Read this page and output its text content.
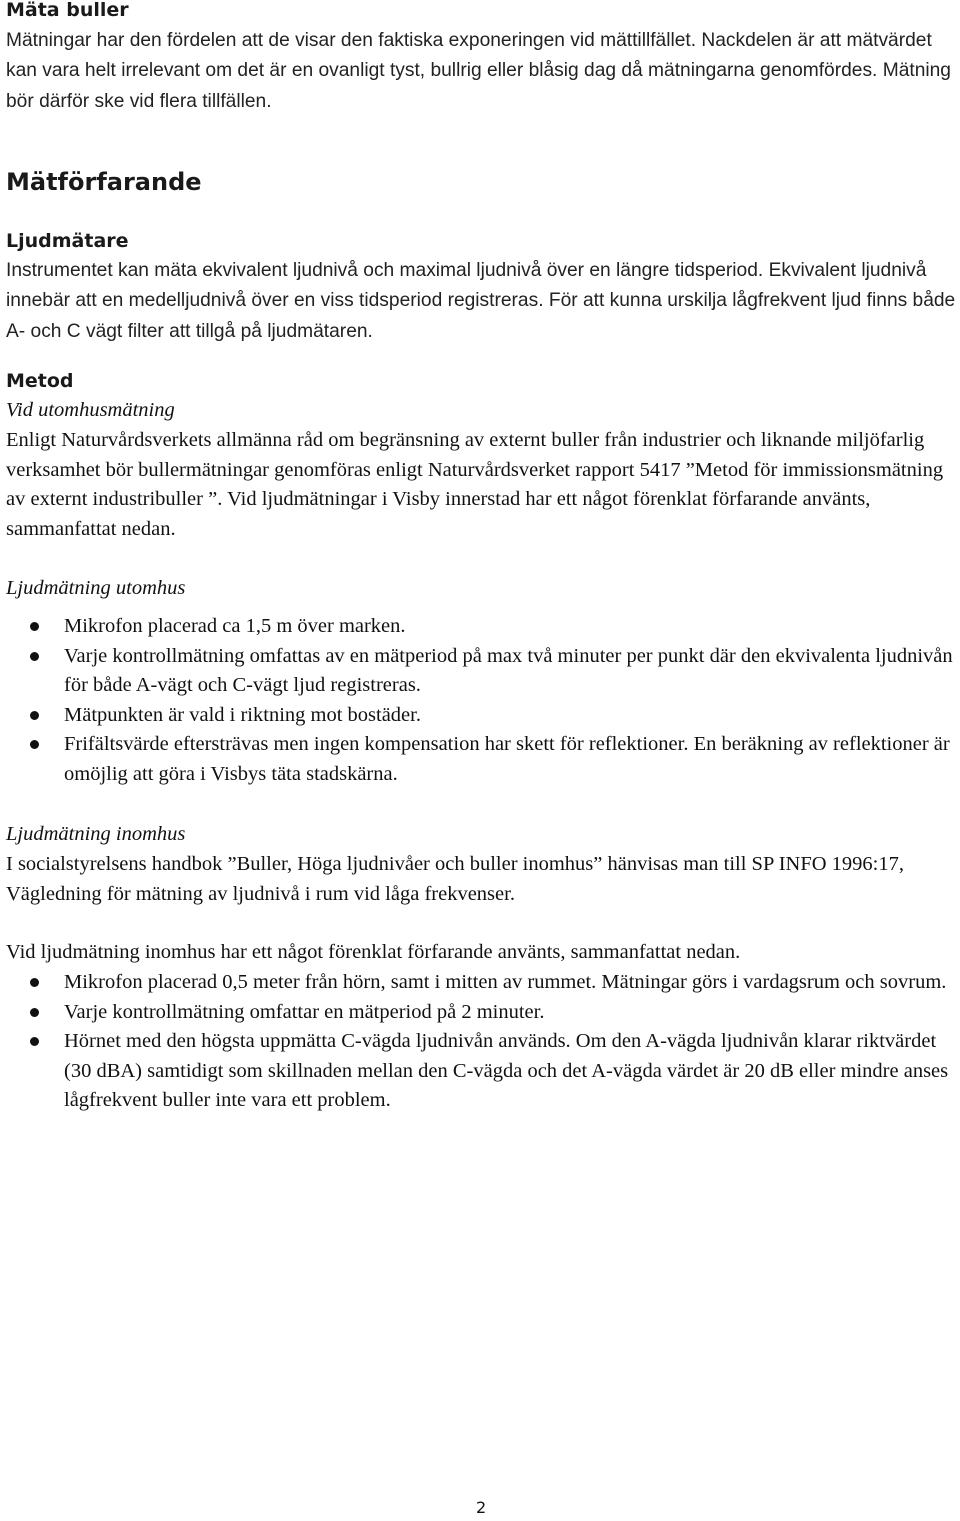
Mäta buller
Mätningar har den fördelen att de visar den faktiska exponeringen vid mättillfället. Nackdelen är att mätvärdet kan vara helt irrelevant om det är en ovanligt tyst, bullrig eller blåsig dag då mätningarna genomfördes. Mätning bör därför ske vid flera tillfällen.
Mätförfarande
Ljudmätare
Instrumentet kan mäta ekvivalent ljudnivå och maximal ljudnivå över en längre tidsperiod. Ekvivalent ljudnivå innebär att en medelljudnivå över en viss tidsperiod registreras. För att kunna urskilja lågfrekvent ljud finns både A- och C vägt filter att tillgå på ljudmätaren.
Metod
Vid utomhusmätning
Enligt Naturvårdsverkets allmänna råd om begränsning av externt buller från industrier och liknande miljöfarlig verksamhet bör bullermätningar genomföras enligt Naturvårdsverket rapport 5417 ”Metod för immissionsmätning av externt industribuller ”. Vid ljudmätningar i Visby innerstad har ett något förenklat förfarande använts, sammanfattat nedan.
Ljudmätning utomhus
Mikrofon placerad ca 1,5 m över marken.
Varje kontrollmätning omfattas av en mätperiod på max två minuter per punkt där den ekvivalenta ljudnivån för både A-vägt och C-vägt ljud registreras.
Mätpunkten är vald i riktning mot bostäder.
Frifältsvärde eftersträvas men ingen kompensation har skett för reflektioner. En beräkning av reflektioner är omöjlig att göra i Visbys täta stadskärna.
Ljudmätning inomhus
I socialstyrelsens handbok ”Buller, Höga ljudnivåer och buller inomhus” hänvisas man till SP INFO 1996:17, Vägledning för mätning av ljudnivå i rum vid låga frekvenser.
Vid ljudmätning inomhus har ett något förenklat förfarande använts, sammanfattat nedan.
Mikrofon placerad 0,5 meter från hörn, samt i mitten av rummet. Mätningar görs i vardagsrum och sovrum.
Varje kontrollmätning omfattar en mätperiod på 2 minuter.
Hörnet med den högsta uppmätta C-vägda ljudnivån används. Om den A-vägda ljudnivån klarar riktvärdet (30 dBA) samtidigt som skillnaden mellan den C-vägda och det A-vägda värdet är 20 dB eller mindre anses lågfrekvent buller inte vara ett problem.
2
